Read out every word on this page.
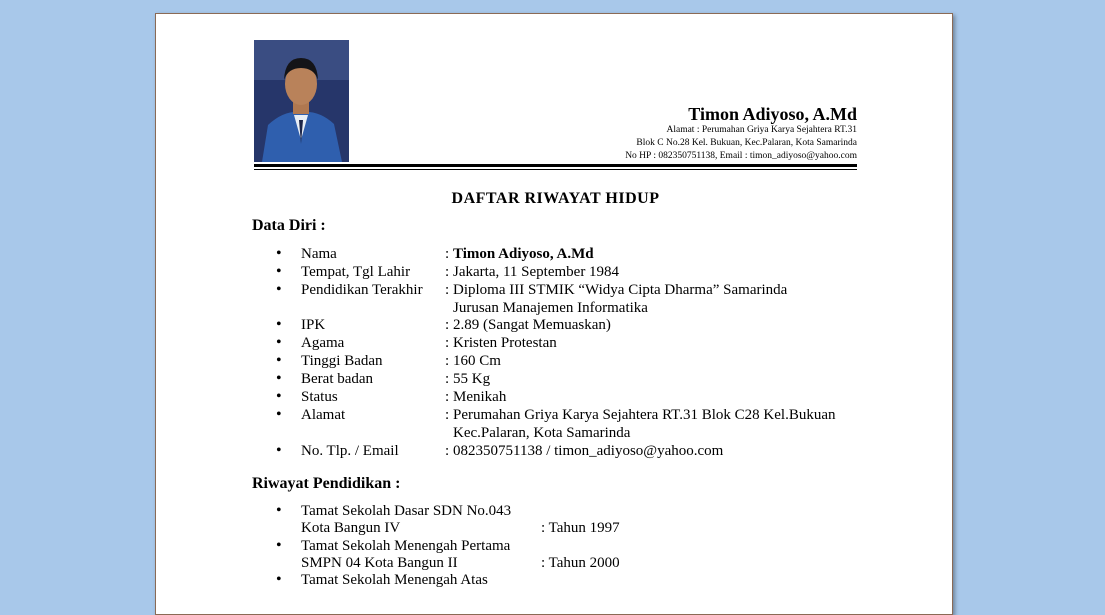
Timon Adiyoso, A.Md
Alamat : Perumahan Griya Karya Sejahtera RT.31
Blok C No.28 Kel. Bukuan, Kec.Palaran, Kota Samarinda
No HP : 082350751138, Email : timon_adiyoso@yahoo.com
DAFTAR RIWAYAT HIDUP
Data Diri :
•
Nama	: Timon Adiyoso, A.Md
•
Tempat, Tgl Lahir : Jakarta, 11 September 1984
•
Pendidikan Terakhir : Diploma III STMIK “Widya Cipta Dharma” Samarinda
Jurusan Manajemen Informatika
•
IPK	: 2.89 (Sangat Memuaskan)
•
Agama	: Kristen Protestan
•
Tinggi Badan	: 160 Cm
•
Berat badan	: 55 Kg
•
Status	: Menikah
•
Alamat	: Perumahan Griya Karya Sejahtera RT.31 Blok C28 Kel.Bukuan
Kec.Palaran, Kota Samarinda
•
No. Tlp. / Email	: 082350751138 / timon_adiyoso@yahoo.com
Riwayat Pendidikan :
•
Tamat Sekolah Dasar SDN No.043
Kota Bangun IV	: Tahun 1997
•
Tamat Sekolah Menengah Pertama
SMPN 04 Kota Bangun II	: Tahun 2000
•
Tamat Sekolah Menengah Atas
